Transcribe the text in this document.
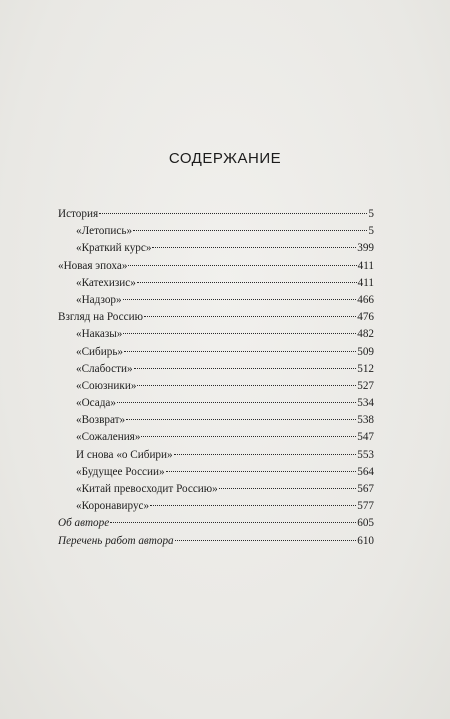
СОДЕРЖАНИЕ
История	5
«Летопись»	5
«Краткий курс»	399
«Новая эпоха»	411
«Катехизис»	411
«Надзор»	466
Взгляд на Россию	476
«Наказы»	482
«Сибирь»	509
«Слабости»	512
«Союзники»	527
«Осада»	534
«Возврат»	538
«Сожаления»	547
И снова «о Сибири»	553
«Будущее России»	564
«Китай превосходит Россию»	567
«Коронавирус»	577
Об авторе	605
Перечень работ автора	610
